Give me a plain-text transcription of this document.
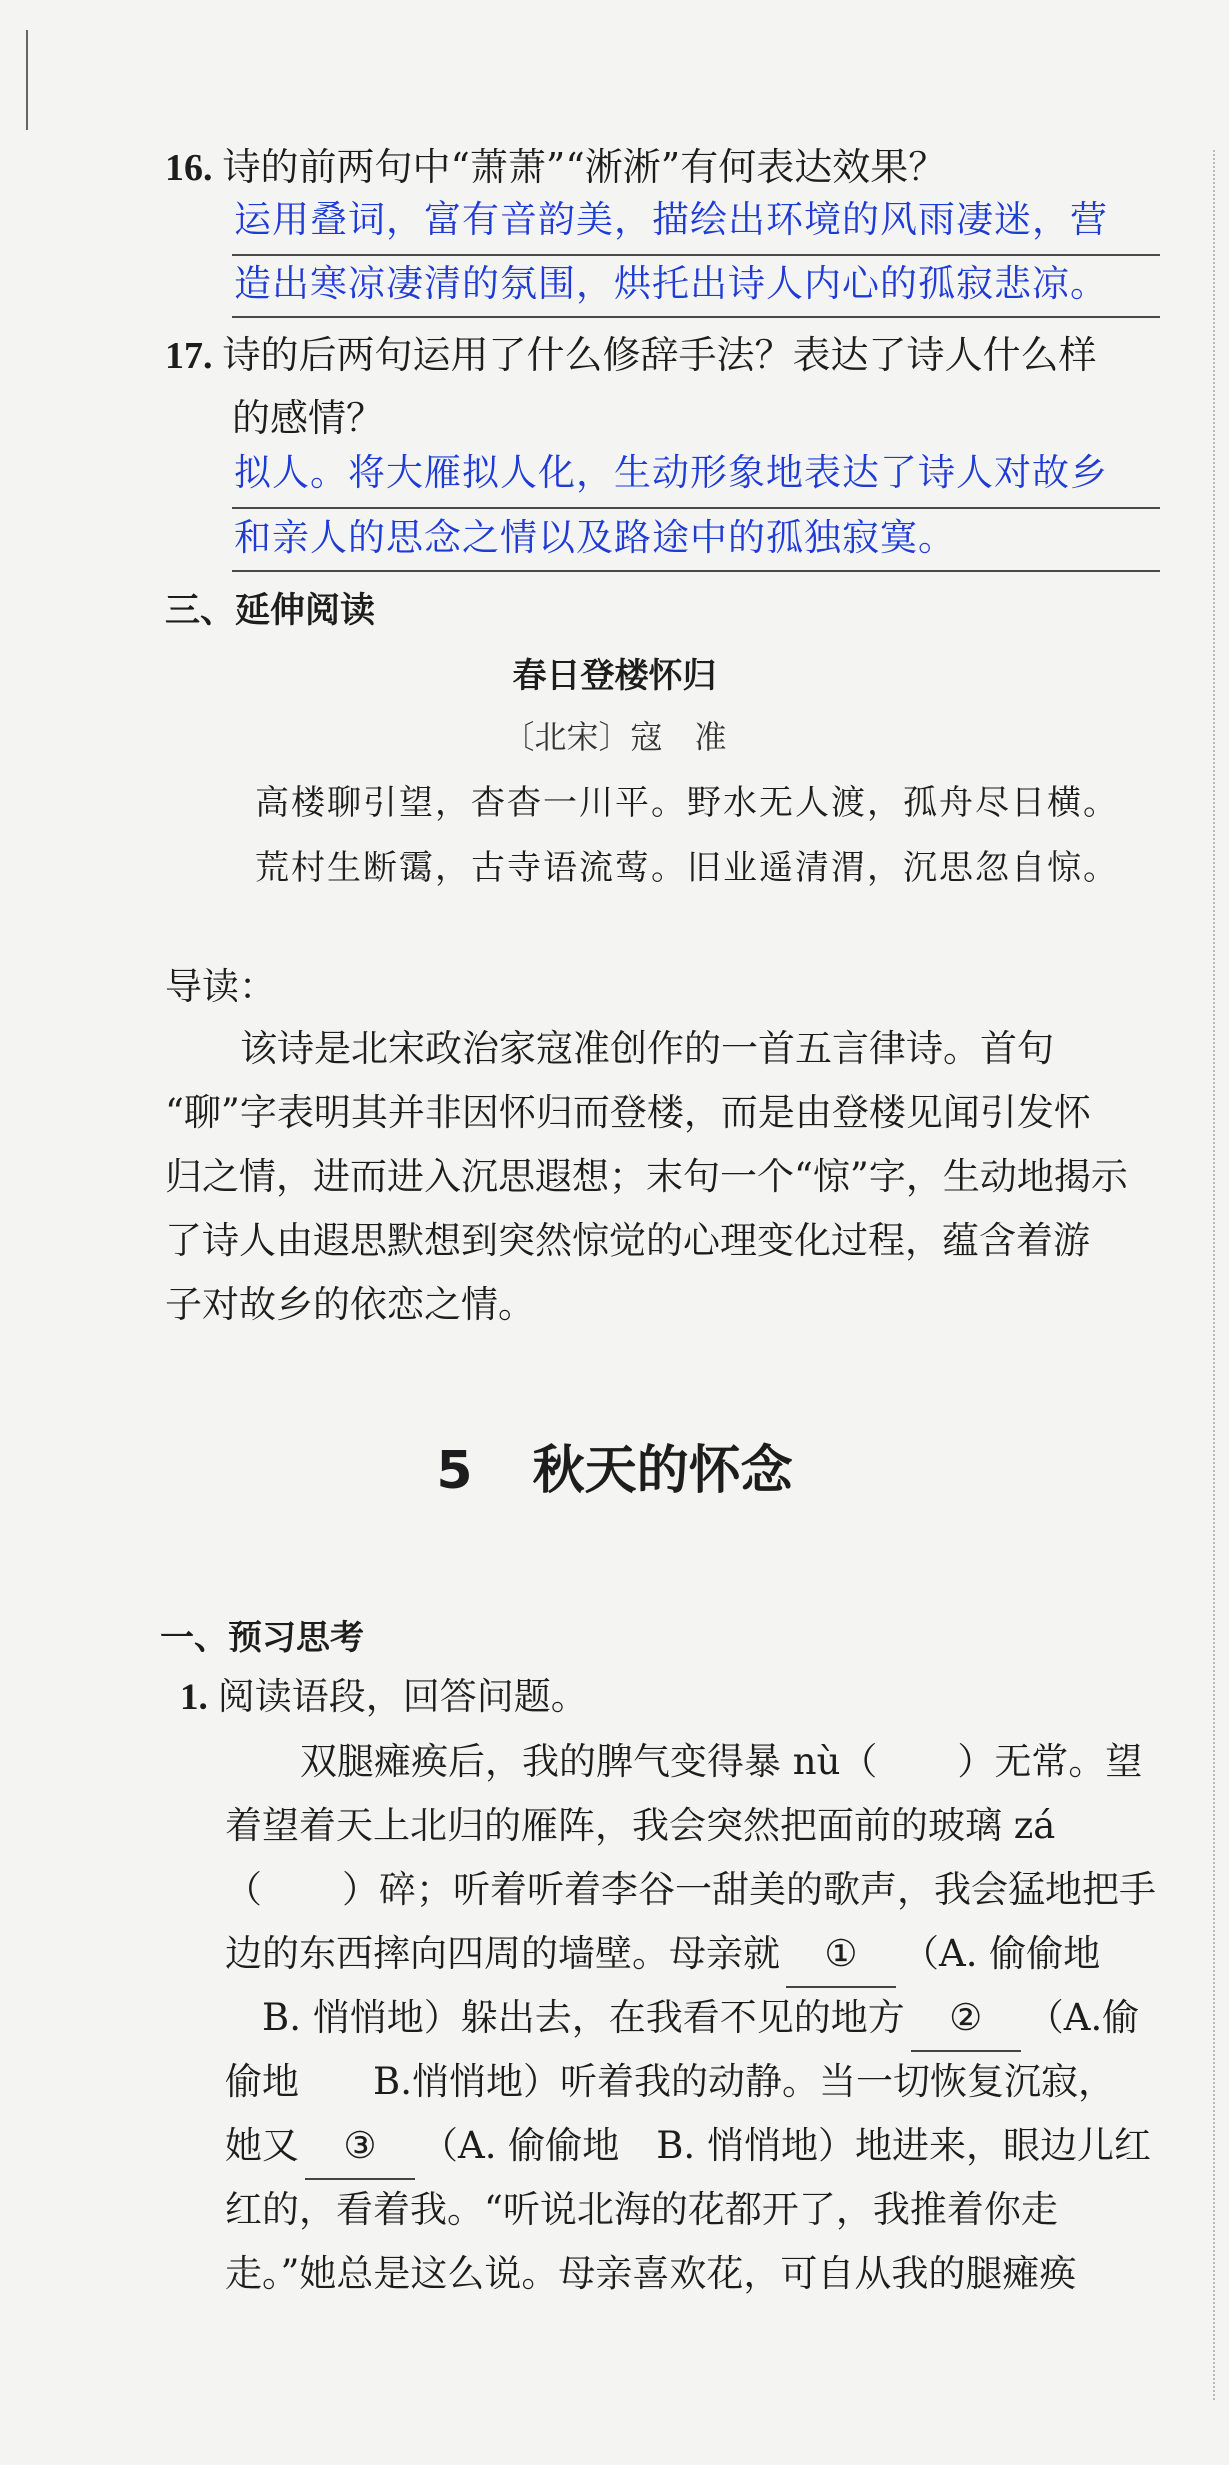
16. 诗的前两句中“萧萧”“淅淅”有何表达效果？
运用叠词，富有音韵美，描绘出环境的风雨凄迷，营
造出寒凉凄清的氛围，烘托出诗人内心的孤寂悲凉。
17. 诗的后两句运用了什么修辞手法？表达了诗人什么样
的感情？
拟人。将大雁拟人化，生动形象地表达了诗人对故乡
和亲人的思念之情以及路途中的孤独寂寞。
三、延伸阅读
春日登楼怀归
〔北宋〕寇　准
高楼聊引望，杳杳一川平。野水无人渡，孤舟尽日横。
荒村生断霭，古寺语流莺。旧业遥清渭，沉思忽自惊。
导读：
该诗是北宋政治家寇准创作的一首五言律诗。首句
“聊”字表明其并非因怀归而登楼，而是由登楼见闻引发怀
归之情，进而进入沉思遐想；末句一个“惊”字，生动地揭示
了诗人由遐思默想到突然惊觉的心理变化过程，蕴含着游
子对故乡的依恋之情。
5 秋天的怀念
一、预习思考
1. 阅读语段，回答问题。
双腿瘫痪后，我的脾气变得暴 nù（ ）无常。望
着望着天上北归的雁阵，我会突然把面前的玻璃 zá
（ ）碎；听着听着李谷一甜美的歌声，我会猛地把手
边的东西摔向四周的墙壁。母亲就 ① （A. 偷偷地
B. 悄悄地）躲出去，在我看不见的地方 ② （A.偷
偷地　　B.悄悄地）听着我的动静。当一切恢复沉寂，
她又 ③ （A. 偷偷地　B. 悄悄地）地进来，眼边儿红
红的，看着我。“听说北海的花都开了，我推着你走
走。”她总是这么说。母亲喜欢花，可自从我的腿瘫痪
